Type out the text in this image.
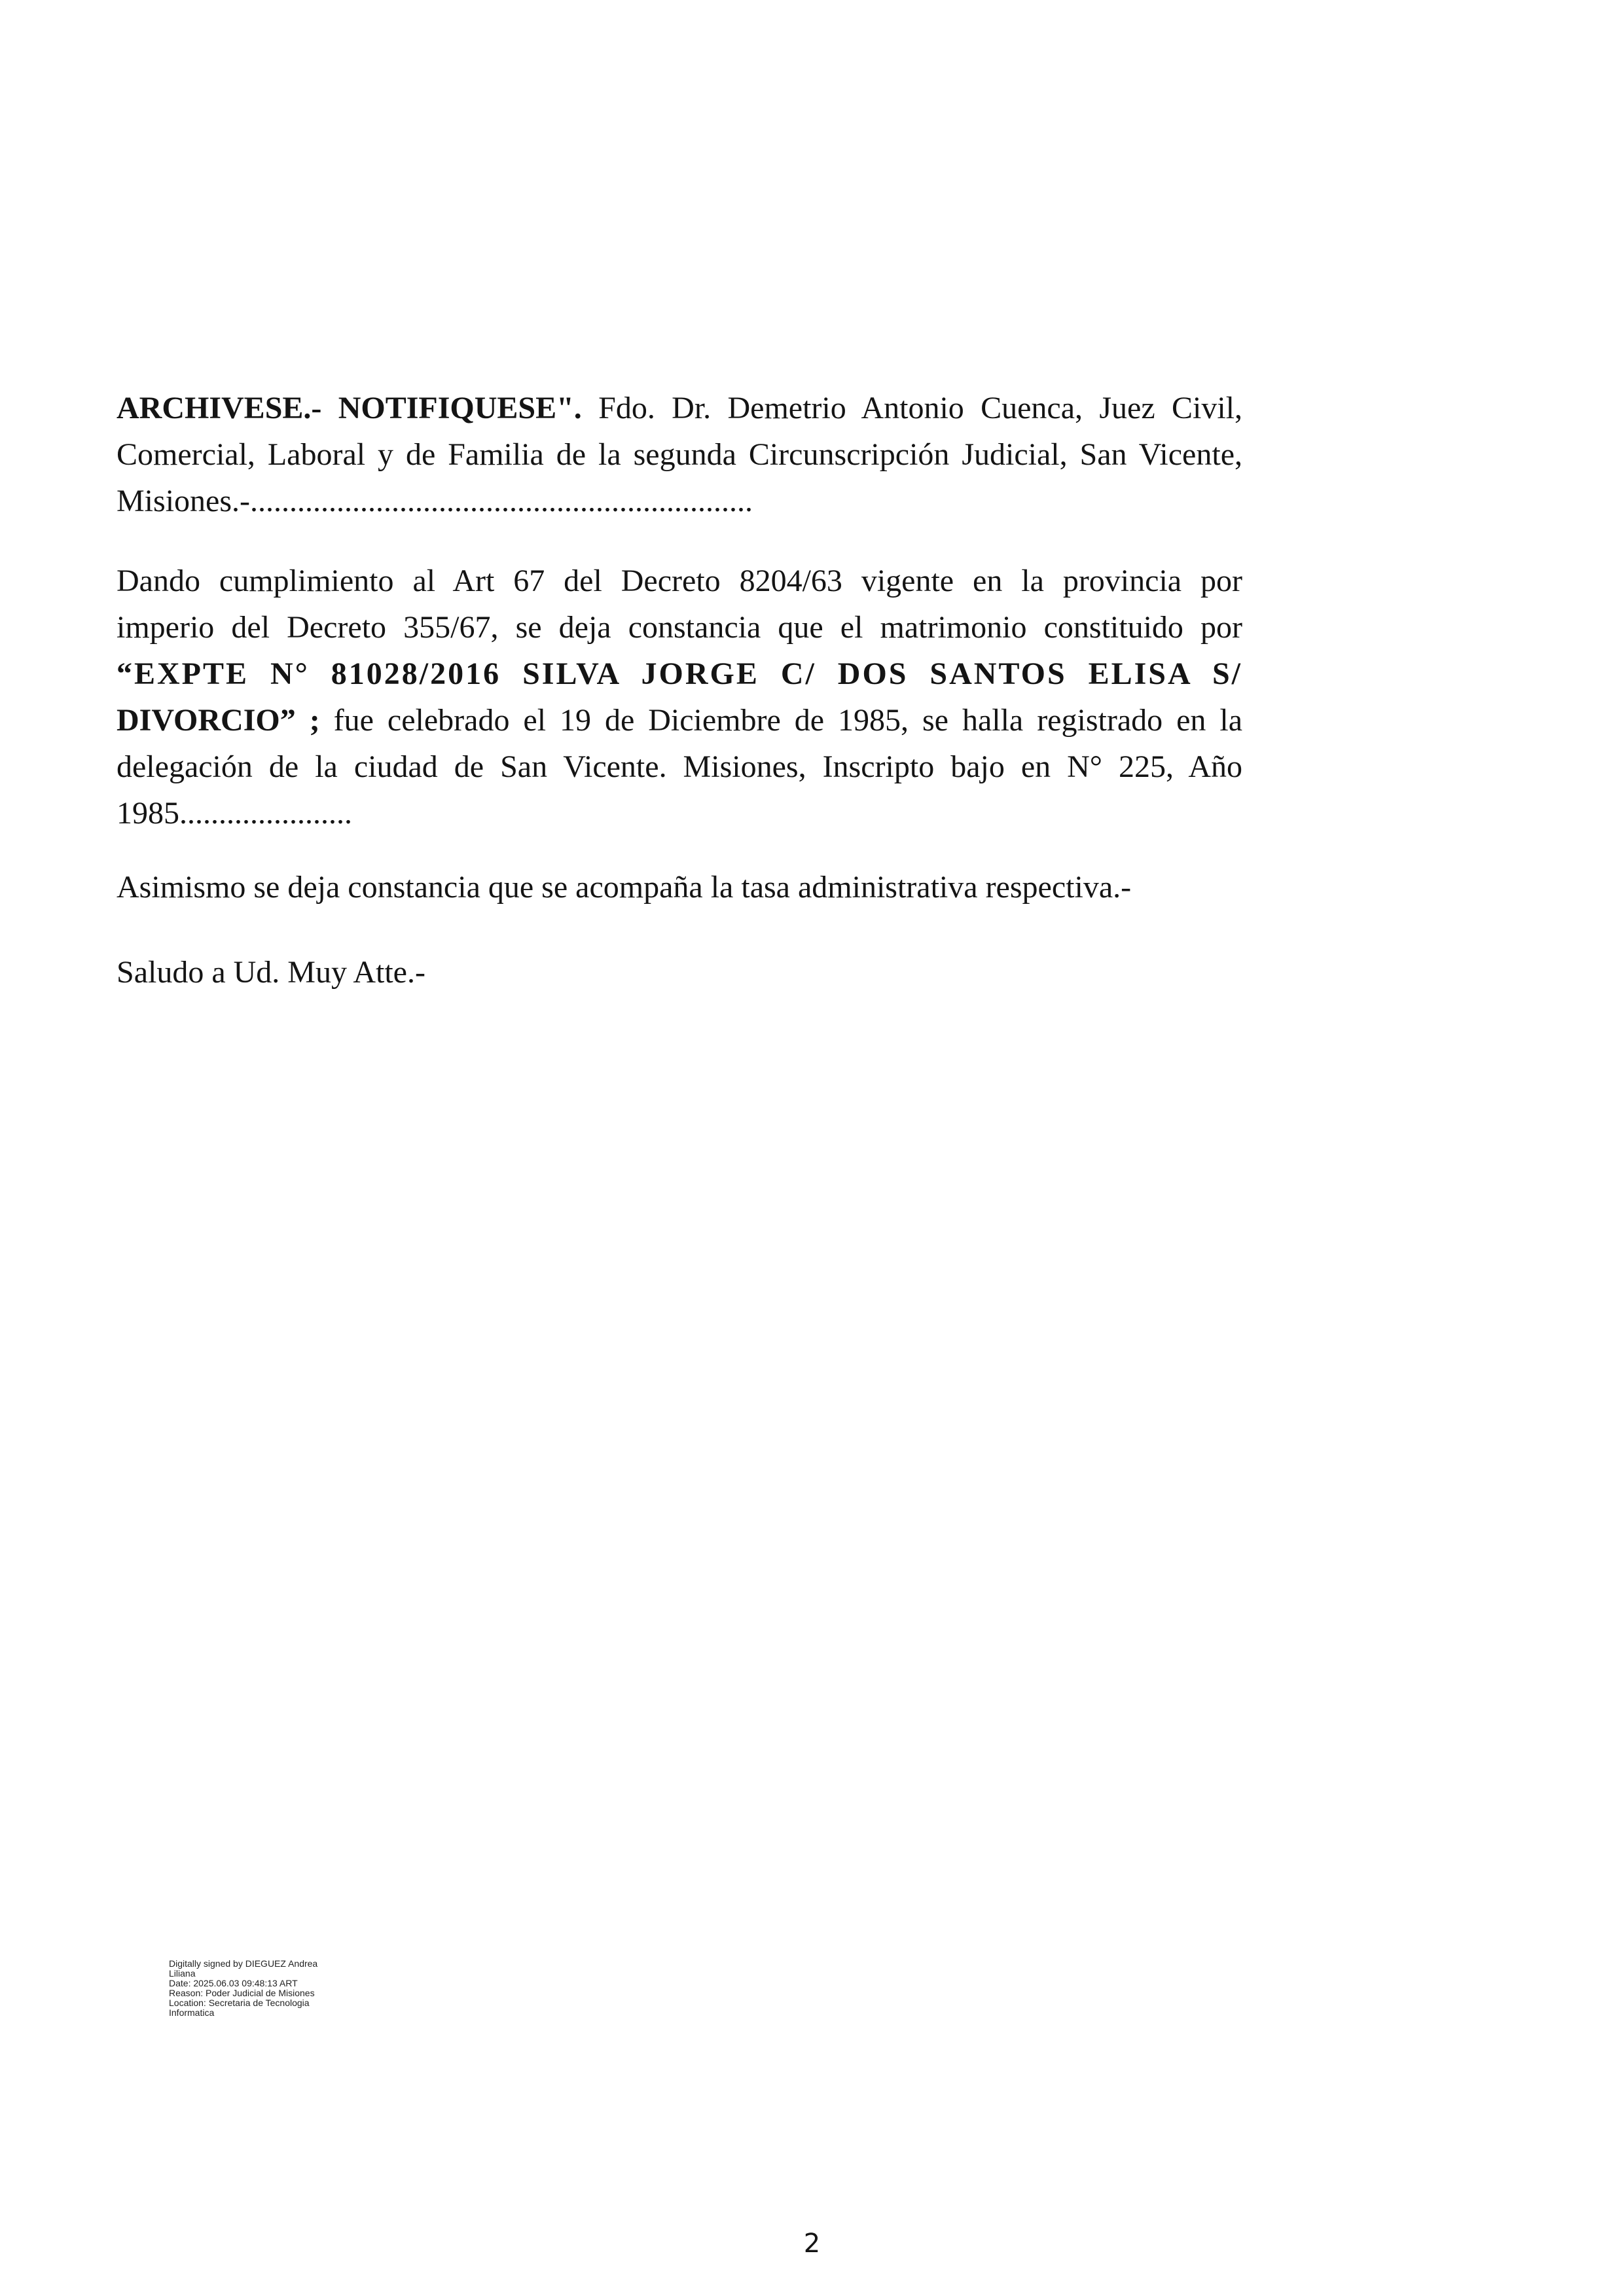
ARCHIVESE.- NOTIFIQUESE". Fdo. Dr. Demetrio Antonio Cuenca, Juez Civil,
Comercial, Laboral y de Familia de la segunda Circunscripción Judicial, San Vicente,
Misiones.-................................................................

Dando cumplimiento al Art 67 del Decreto 8204/63 vigente en la provincia por
imperio del Decreto 355/67, se deja constancia que el matrimonio constituido por
“EXPTE N° 81028/2016 SILVA JORGE C/ DOS SANTOS ELISA S/
DIVORCIO” ; fue celebrado el 19 de Diciembre de 1985, se halla registrado en la
delegación de la ciudad de San Vicente. Misiones, Inscripto bajo en N° 225, Año
1985......................

Asimismo se deja constancia que se acompaña la tasa administrativa respectiva.-

Saludo a Ud. Muy Atte.-

Digitally signed by DIEGUEZ Andrea
Liliana
Date: 2025.06.03 09:48:13 ART
Reason: Poder Judicial de Misiones
Location: Secretaria de Tecnologia
Informatica
2
